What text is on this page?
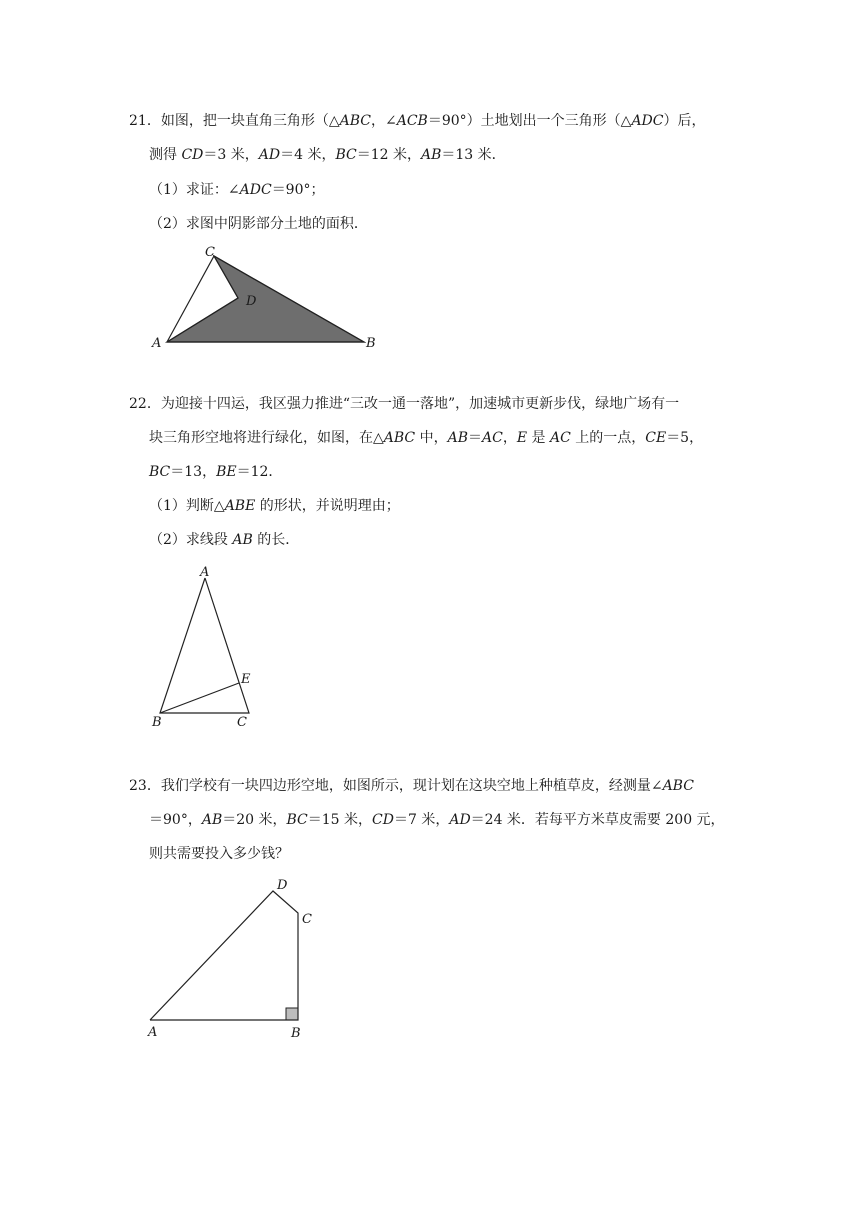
21．如图，把一块直角三角形（△ABC，∠ACB＝90°）土地划出一个三角形（△ADC）后，
测得 CD＝3 米，AD＝4 米，BC＝12 米，AB＝13 米．
（1）求证：∠ADC＝90°；
（2）求图中阴影部分土地的面积．
C
D
A	B
22．为迎接十四运，我区强力推进“三改一通一落地”，加速城市更新步伐，绿地广场有一
块三角形空地将进行绿化，如图，在△ABC 中，AB＝AC，E 是 AC 上的一点，CE＝5，
BC＝13，BE＝12．
（1）判断△ABE 的形状，并说明理由；
（2）求线段 AB 的长．
A
E
B	C
23．我们学校有一块四边形空地，如图所示，现计划在这块空地上种植草皮，经测量∠ABC
＝90°，AB＝20 米，BC＝15 米，CD＝7 米，AD＝24 米．若每平方米草皮需要 200 元，
则共需要投入多少钱？
D
C
A	B
